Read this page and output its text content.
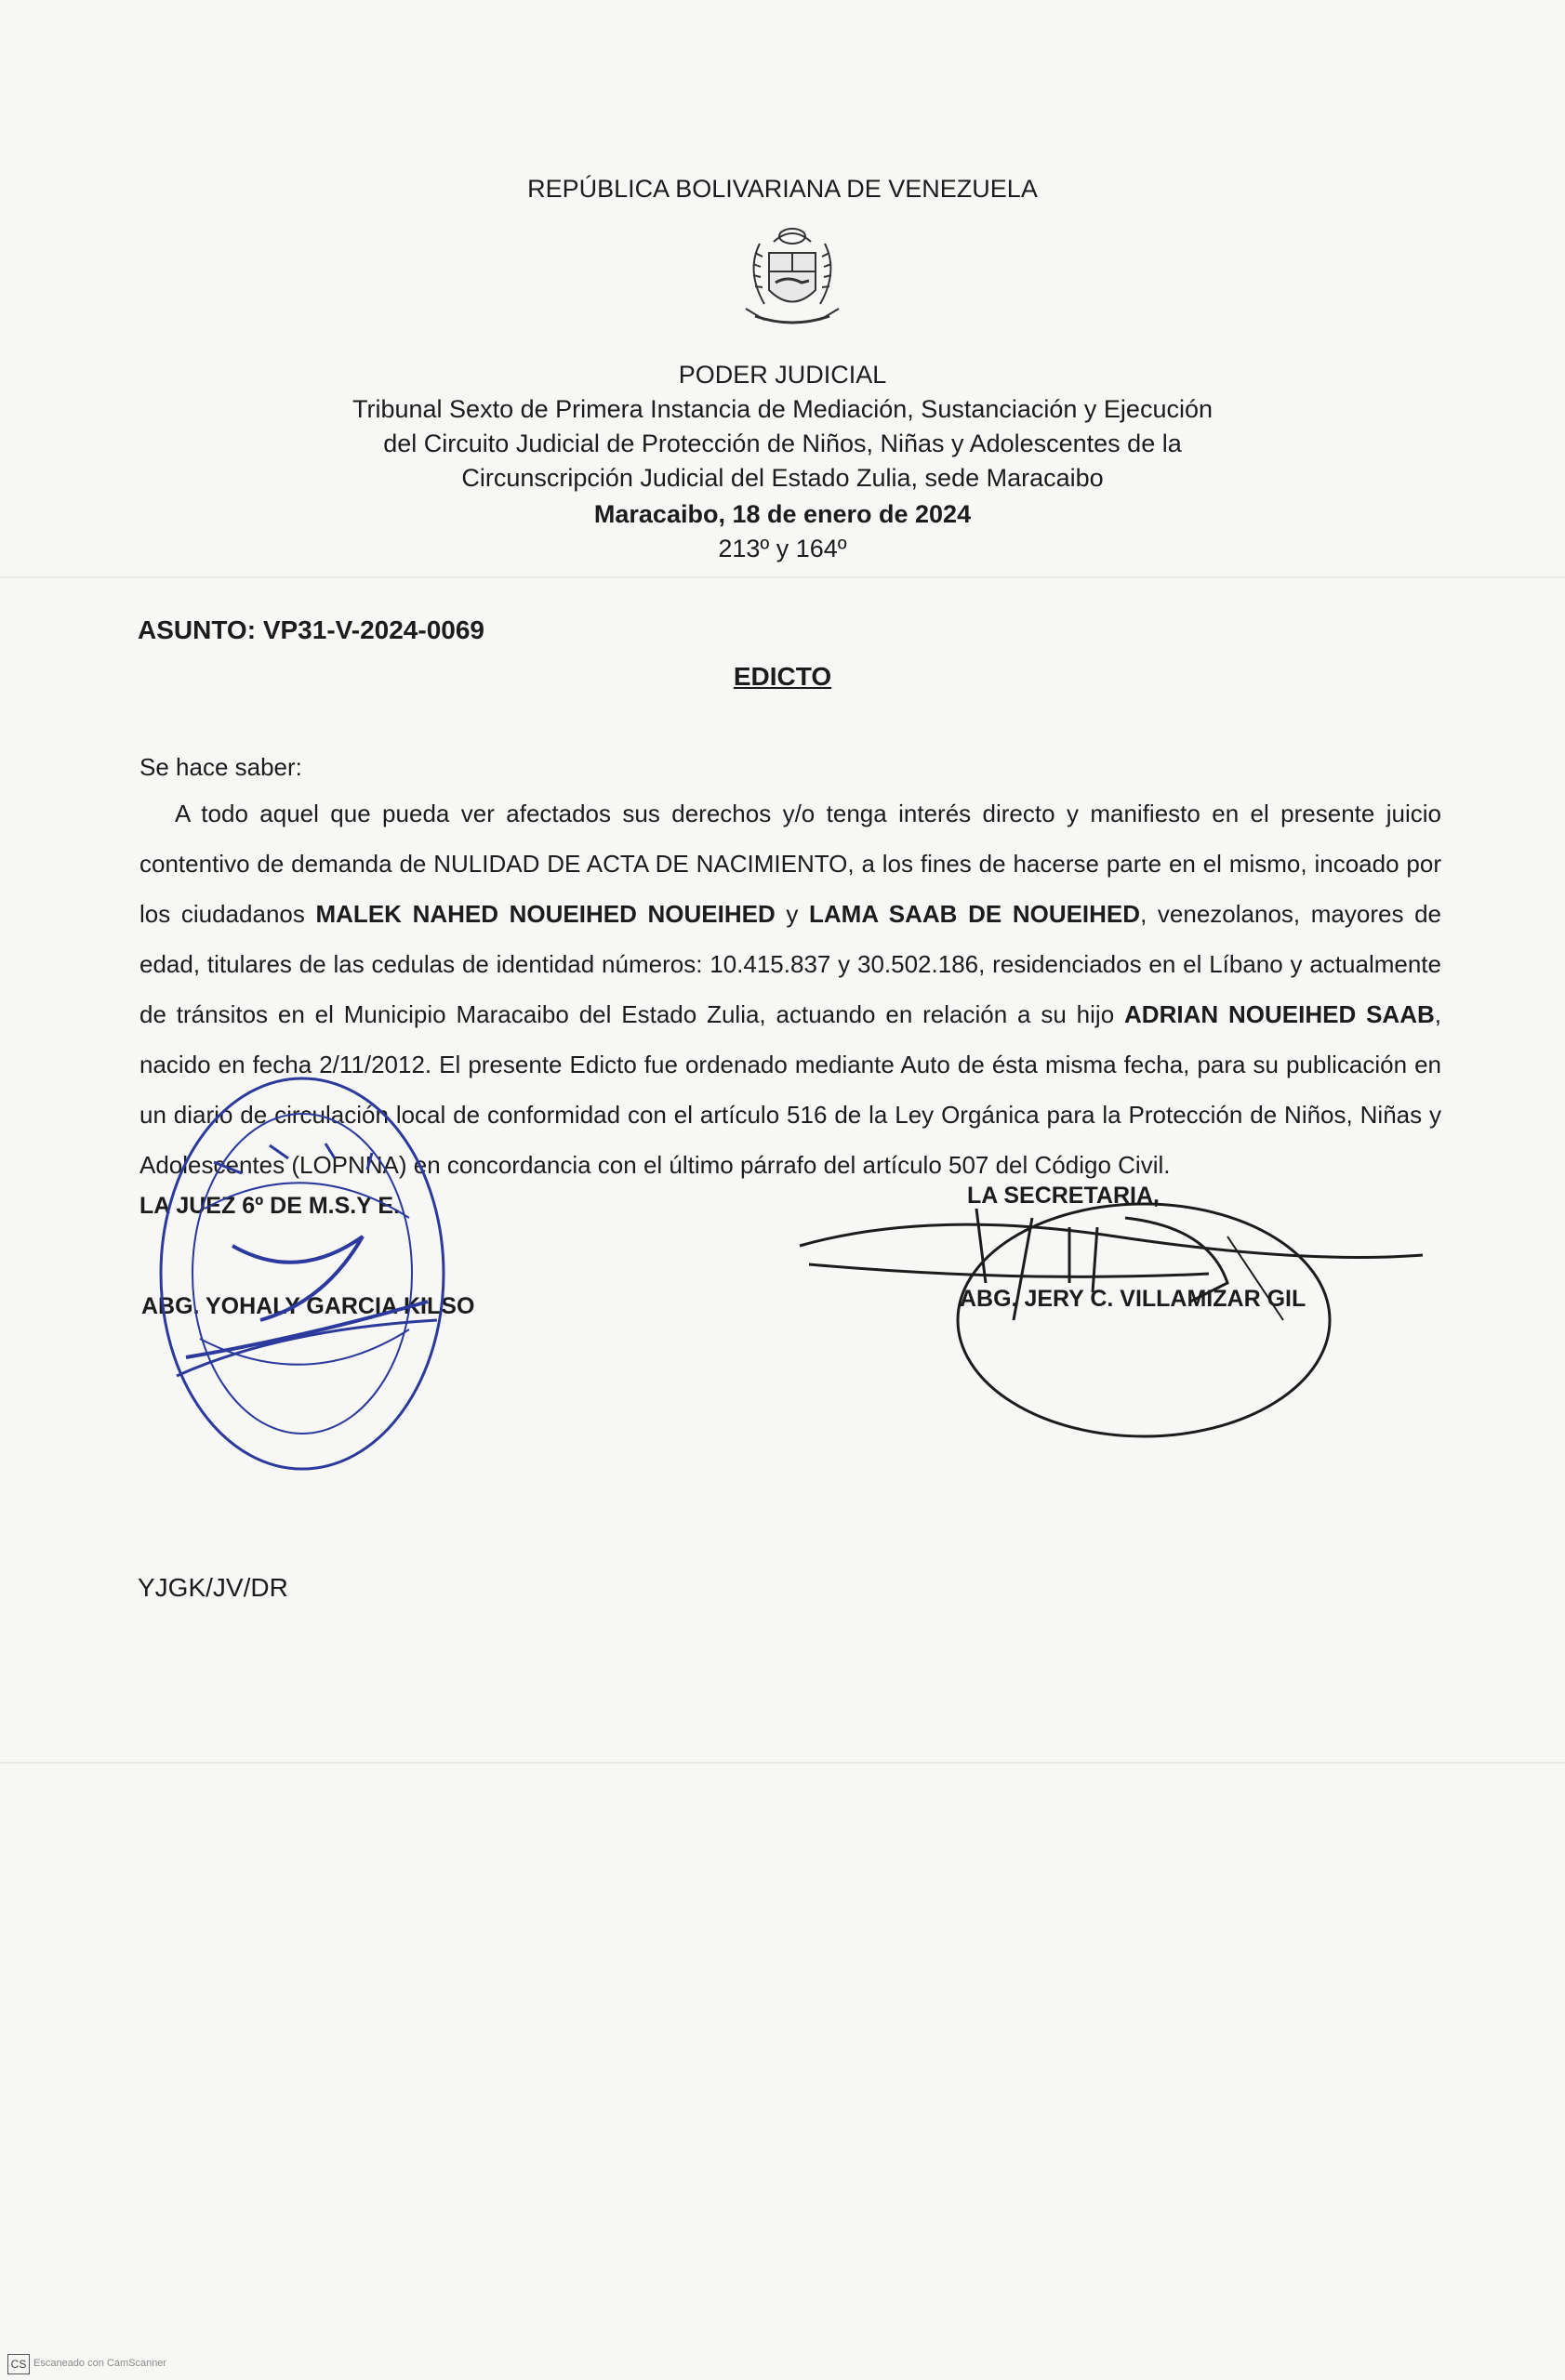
REPÚBLICA BOLIVARIANA DE VENEZUELA
PODER JUDICIAL
Tribunal Sexto de Primera Instancia de Mediación, Sustanciación y Ejecución
del Circuito Judicial de Protección de Niños, Niñas y Adolescentes de la
Circunscripción Judicial del Estado Zulia, sede Maracaibo
Maracaibo, 18 de enero de 2024
213º y 164º
ASUNTO: VP31-V-2024-0069
EDICTO
Se hace saber:
A todo aquel que pueda ver afectados sus derechos y/o tenga interés directo y manifiesto en el presente juicio contentivo de demanda de NULIDAD DE ACTA DE NACIMIENTO, a los fines de hacerse parte en el mismo, incoado por los ciudadanos MALEK NAHED NOUEIHED NOUEIHED y LAMA SAAB DE NOUEIHED, venezolanos, mayores de edad, titulares de las cedulas de identidad números: 10.415.837 y 30.502.186, residenciados en el Líbano y actualmente de tránsitos en el Municipio Maracaibo del Estado Zulia, actuando en relación a su hijo ADRIAN NOUEIHED SAAB, nacido en fecha 2/11/2012. El presente Edicto fue ordenado mediante Auto de ésta misma fecha, para su publicación en un diario de circulación local de conformidad con el artículo 516 de la Ley Orgánica para la Protección de Niños, Niñas y Adolescentes (LOPNNA) en concordancia con el último párrafo del artículo 507 del Código Civil.
LA JUEZ 6º DE M.S.Y E.
ABG. YOHALY GARCIA KILSO
LA SECRETARIA,
ABG. JERY C. VILLAMIZAR GIL
YJGK/JV/DR
CS Escaneado con CamScanner
